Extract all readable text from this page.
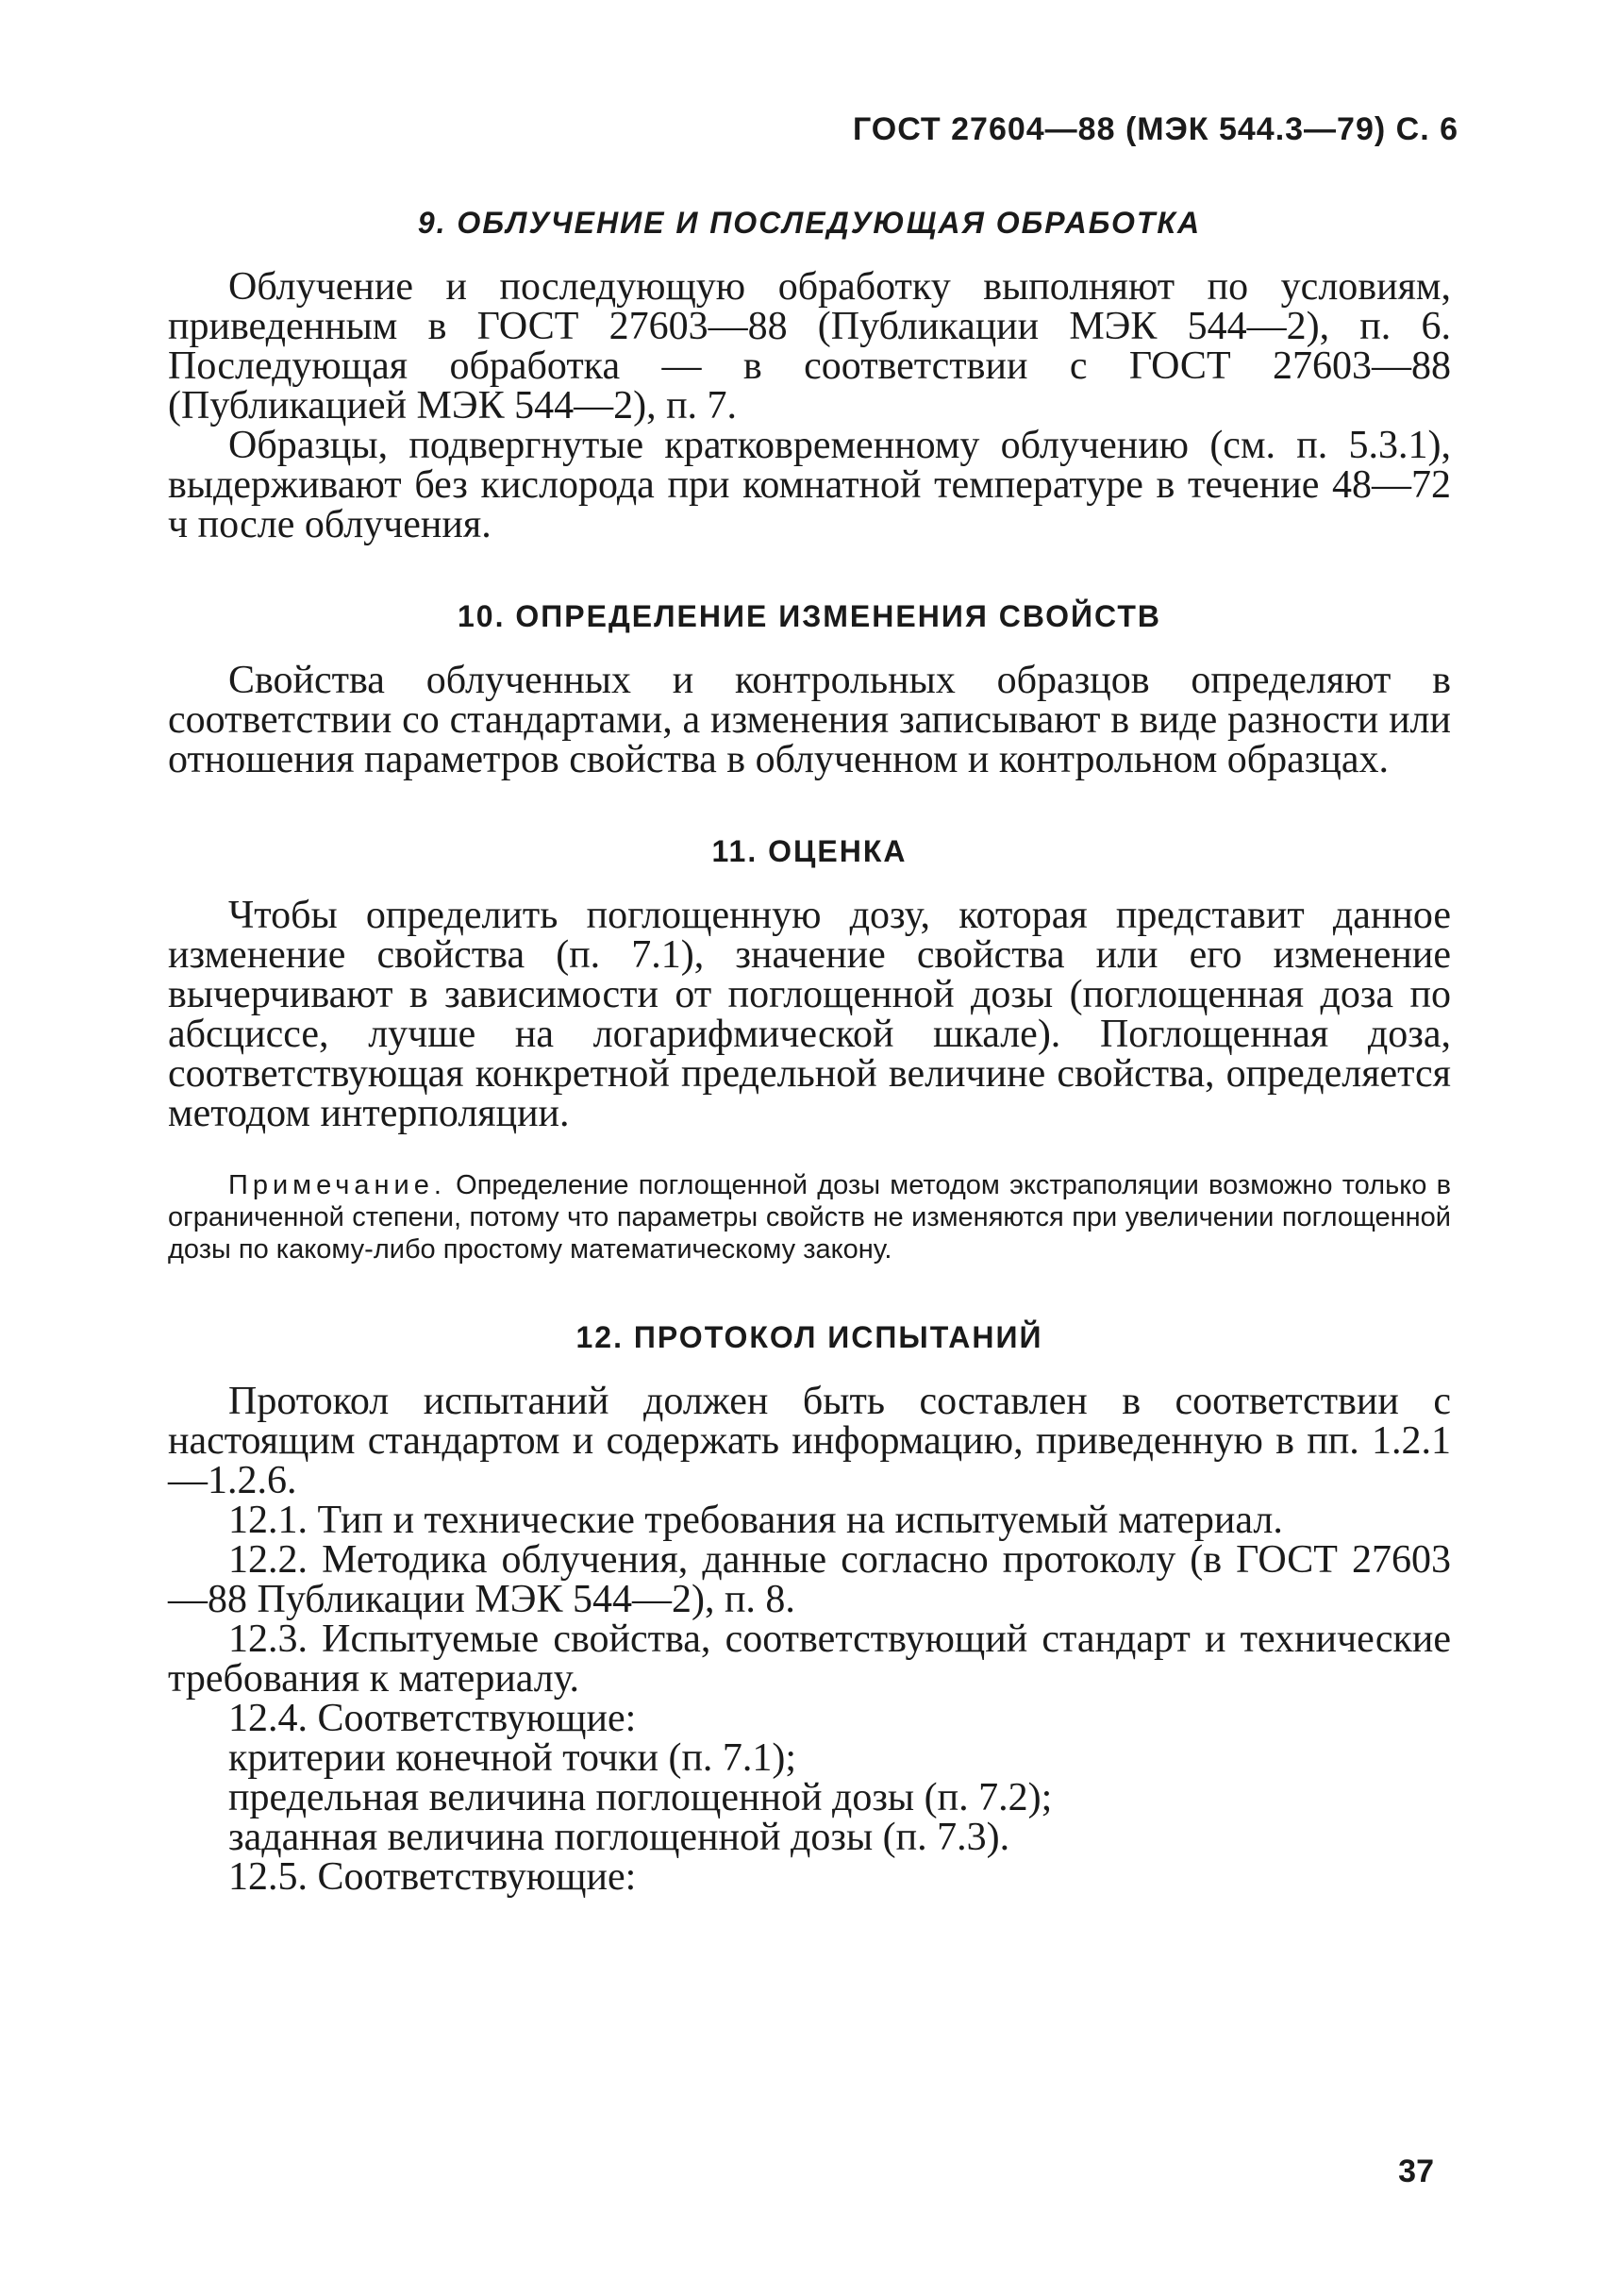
ГОСТ 27604—88 (МЭК 544.3—79) С. 6
9. ОБЛУЧЕНИЕ И ПОСЛЕДУЮЩАЯ ОБРАБОТКА

Облучение и последующую обработку выполняют по условиям, приведенным в ГОСТ 27603—88 (Публикации МЭК 544—2), п. 6. Последующая обработка — в соответствии с ГОСТ 27603—88 (Публикацией МЭК 544—2), п. 7.

Образцы, подвергнутые кратковременному облучению (см. п. 5.3.1), выдерживают без кислорода при комнатной температуре в течение 48—72 ч после облучения.

10. ОПРЕДЕЛЕНИЕ ИЗМЕНЕНИЯ СВОЙСТВ

Свойства облученных и контрольных образцов определяют в соответствии со стандартами, а изменения записывают в виде разности или отношения параметров свойства в облученном и контрольном образцах.

11. ОЦЕНКА

Чтобы определить поглощенную дозу, которая представит данное изменение свойства (п. 7.1), значение свойства или его изменение вычерчивают в зависимости от поглощенной дозы (поглощенная доза по абсциссе, лучше на логарифмической шкале). Поглощенная доза, соответствующая конкретной предельной величине свойства, определяется методом интерполяции.

Примечание. Определение поглощенной дозы методом экстраполяции возможно только в ограниченной степени, потому что параметры свойств не изменяются при увеличении поглощенной дозы по какому-либо простому математическому закону.

12. ПРОТОКОЛ ИСПЫТАНИЙ

Протокол испытаний должен быть составлен в соответствии с настоящим стандартом и содержать информацию, приведенную в пп. 1.2.1—1.2.6.

12.1. Тип и технические требования на испытуемый материал.

12.2. Методика облучения, данные согласно протоколу (в ГОСТ 27603—88 Публикации МЭК 544—2), п. 8.

12.3. Испытуемые свойства, соответствующий стандарт и технические требования к материалу.

12.4. Соответствующие:

критерии конечной точки (п. 7.1);

предельная величина поглощенной дозы (п. 7.2);

заданная величина поглощенной дозы (п. 7.3).

12.5. Соответствующие:

37
